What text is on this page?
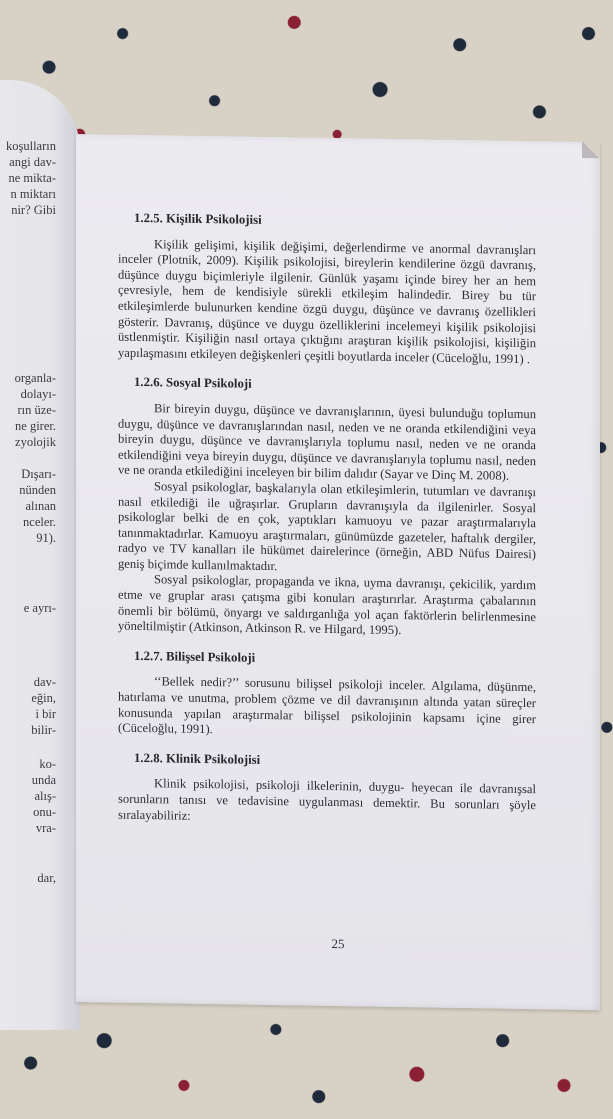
koşulların
angi dav-
ne mikta-
n miktarı
nir? Gibi
organla-
dolayı-
rın üze-
ne girer.
zyolojik
Dışarı-
nünden
alınan
nceler.
91).
e ayrı-
dav-
eğin,
i bir
bilir-
ko-
unda
alış-
onu-
vra-
dar,
1.2.5. Kişilik Psikolojisi

Kişilik gelişimi, kişilik değişimi, değerlendirme ve anormal davranışları inceler (Plotnik, 2009). Kişilik psikolojisi, bireylerin kendilerine özgü davranış, düşünce duygu biçimleriyle ilgilenir. Günlük yaşamı içinde birey her an hem çevresiyle, hem de kendisiyle sürekli etkileşim halindedir. Birey bu tür etkileşimlerde bulunurken kendine özgü duygu, düşünce ve davranış özellikleri gösterir. Davranış, düşünce ve duygu özelliklerini incelemeyi kişilik psikolojisi üstlenmiştir. Kişiliğin nasıl ortaya çıktığını araştıran kişilik psikolojisi, kişiliğin yapılaşmasını etkileyen değişkenleri çeşitli boyutlarda inceler (Cüceloğlu, 1991) .

1.2.6. Sosyal Psikoloji

Bir bireyin duygu, düşünce ve davranışlarının, üyesi bulunduğu toplumun duygu, düşünce ve davranışlarından nasıl, neden ve ne oranda etkilendiğini veya bireyin duygu, düşünce ve davranışlarıyla toplumu nasıl, neden ve ne oranda etkilendiğini veya bireyin duygu, düşünce ve davranışlarıyla toplumu nasıl, neden ve ne oranda etkilediğini inceleyen bir bilim dalıdır (Sayar ve Dinç M. 2008).

Sosyal psikologlar, başkalarıyla olan etkileşimlerin, tutumları ve davranışı nasıl etkilediği ile uğraşırlar. Grupların davranışıyla da ilgilenirler. Sosyal psikologlar belki de en çok, yaptıkları kamuoyu ve pazar araştırmalarıyla tanınmaktadırlar. Kamuoyu araştırmaları, günümüzde gazeteler, haftalık dergiler, radyo ve TV kanalları ile hükümet dairelerince (örneğin, ABD Nüfus Dairesi) geniş biçimde kullanılmaktadır.

Sosyal psikologlar, propaganda ve ikna, uyma davranışı, çekicilik, yardım etme ve gruplar arası çatışma gibi konuları araştırırlar. Araştırma çabalarının önemli bir bölümü, önyargı ve saldırganlığa yol açan faktörlerin belirlenmesine yöneltilmiştir (Atkinson, Atkinson R. ve Hilgard, 1995).

1.2.7. Bilişsel Psikoloji

‘‘Bellek nedir?’’ sorusunu bilişsel psikoloji inceler. Algılama, düşünme, hatırlama ve unutma, problem çözme ve dil davranışının altında yatan süreçler konusunda yapılan araştırmalar bilişsel psikolojinin kapsamı içine girer (Cüceloğlu, 1991).

1.2.8. Klinik Psikolojisi

Klinik psikolojisi, psikoloji ilkelerinin, duygu- heyecan ile davranışsal sorunların tanısı ve tedavisine uygulanması demektir. Bu sorunları şöyle sıralayabiliriz:

25
